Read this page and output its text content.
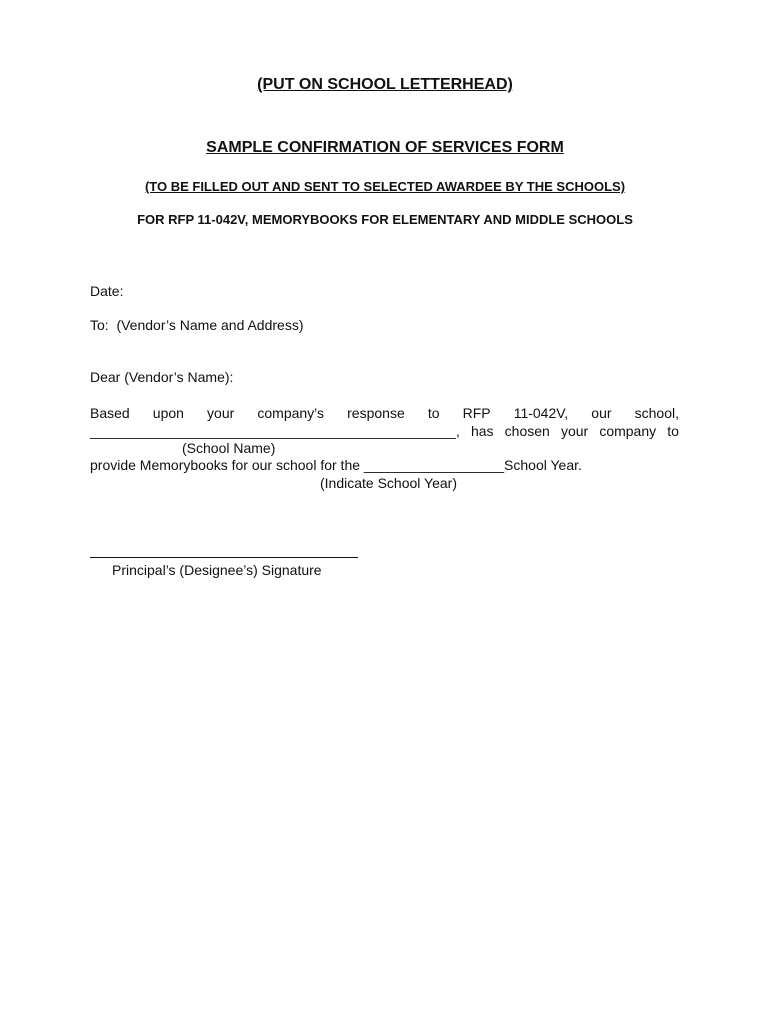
(PUT ON SCHOOL LETTERHEAD)
SAMPLE CONFIRMATION OF SERVICES FORM
(TO BE FILLED OUT AND SENT TO SELECTED AWARDEE BY THE SCHOOLS)
FOR RFP 11-042V, MEMORYBOOKS FOR ELEMENTARY AND MIDDLE SCHOOLS
Date:
To:  (Vendor’s Name and Address)
Dear (Vendor’s Name):
Based upon your company’s response to RFP 11-042V, our school,
_______________________________________________, has chosen your company to
(School Name)
provide Memorybooks for our school for the __________________School Year.
(Indicate School Year)
Principal’s (Designee’s) Signature
